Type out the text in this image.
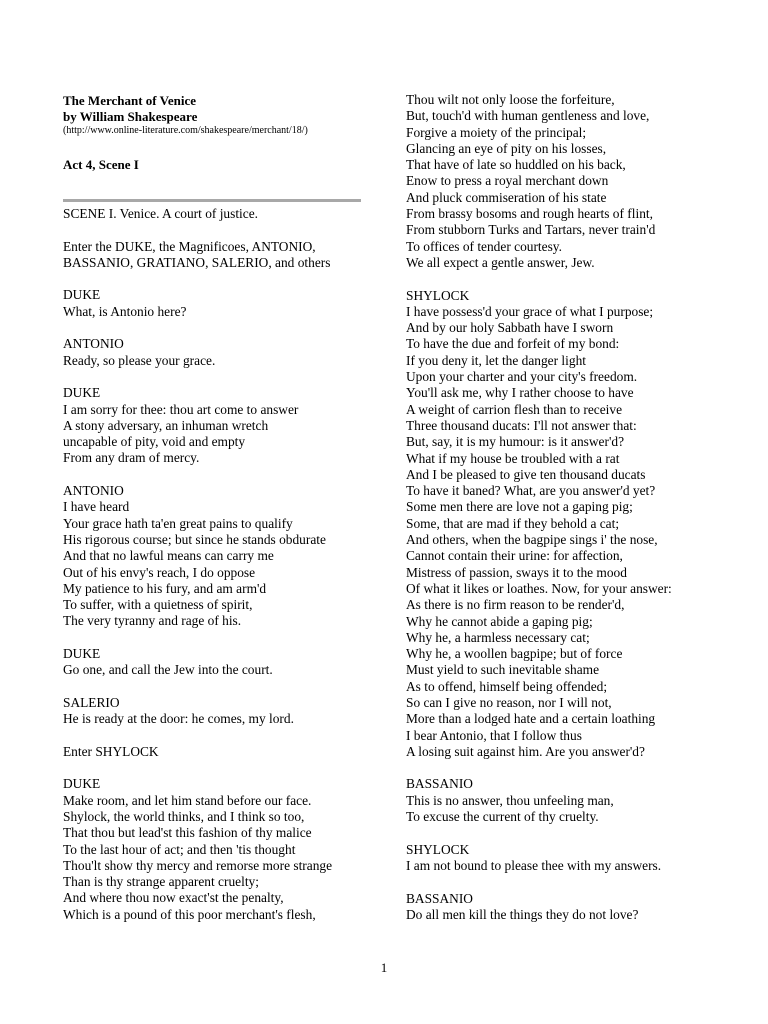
The Merchant of Venice
by William Shakespeare
(http://www.online-literature.com/shakespeare/merchant/18/)
Act 4, Scene I
SCENE I. Venice. A court of justice.
Enter the DUKE, the Magnificoes, ANTONIO,
BASSANIO, GRATIANO, SALERIO, and others
DUKE
What, is Antonio here?
ANTONIO
Ready, so please your grace.
DUKE
I am sorry for thee: thou art come to answer
A stony adversary, an inhuman wretch
uncapable of pity, void and empty
From any dram of mercy.
ANTONIO
I have heard
Your grace hath ta'en great pains to qualify
His rigorous course; but since he stands obdurate
And that no lawful means can carry me
Out of his envy's reach, I do oppose
My patience to his fury, and am arm'd
To suffer, with a quietness of spirit,
The very tyranny and rage of his.
DUKE
Go one, and call the Jew into the court.
SALERIO
He is ready at the door: he comes, my lord.
Enter SHYLOCK
DUKE
Make room, and let him stand before our face.
Shylock, the world thinks, and I think so too,
That thou but lead'st this fashion of thy malice
To the last hour of act; and then 'tis thought
Thou'lt show thy mercy and remorse more strange
Than is thy strange apparent cruelty;
And where thou now exact'st the penalty,
Which is a pound of this poor merchant's flesh,
Thou wilt not only loose the forfeiture,
But, touch'd with human gentleness and love,
Forgive a moiety of the principal;
Glancing an eye of pity on his losses,
That have of late so huddled on his back,
Enow to press a royal merchant down
And pluck commiseration of his state
From brassy bosoms and rough hearts of flint,
From stubborn Turks and Tartars, never train'd
To offices of tender courtesy.
We all expect a gentle answer, Jew.
SHYLOCK
I have possess'd your grace of what I purpose;
And by our holy Sabbath have I sworn
To have the due and forfeit of my bond:
If you deny it, let the danger light
Upon your charter and your city's freedom.
You'll ask me, why I rather choose to have
A weight of carrion flesh than to receive
Three thousand ducats: I'll not answer that:
But, say, it is my humour: is it answer'd?
What if my house be troubled with a rat
And I be pleased to give ten thousand ducats
To have it baned? What, are you answer'd yet?
Some men there are love not a gaping pig;
Some, that are mad if they behold a cat;
And others, when the bagpipe sings i' the nose,
Cannot contain their urine: for affection,
Mistress of passion, sways it to the mood
Of what it likes or loathes. Now, for your answer:
As there is no firm reason to be render'd,
Why he cannot abide a gaping pig;
Why he, a harmless necessary cat;
Why he, a woollen bagpipe; but of force
Must yield to such inevitable shame
As to offend, himself being offended;
So can I give no reason, nor I will not,
More than a lodged hate and a certain loathing
I bear Antonio, that I follow thus
A losing suit against him. Are you answer'd?
BASSANIO
This is no answer, thou unfeeling man,
To excuse the current of thy cruelty.
SHYLOCK
I am not bound to please thee with my answers.
BASSANIO
Do all men kill the things they do not love?
1
